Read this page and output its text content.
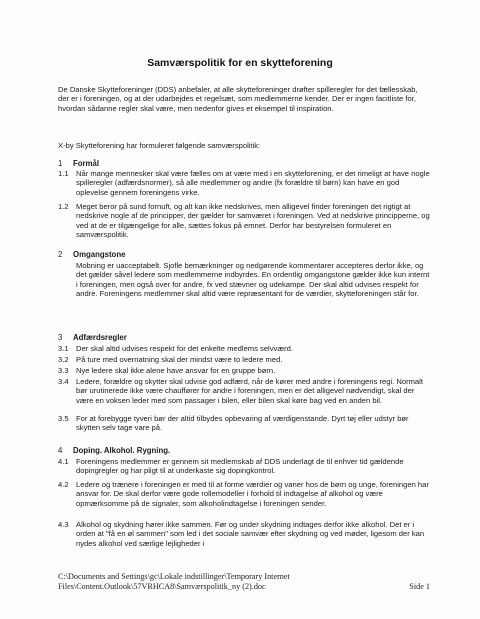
Samværspolitik for en skytteforening
De Danske Skytteforeninger (DDS) anbefaler, at alle skytteforeninger drøfter spilleregler for det fællesskab, der er i foreningen, og at der udarbejdes et regelsæt, som medlemmerne kender. Der er ingen facitliste for, hvordan sådanne regler skal være, men nedenfor gives et eksempel til inspiration.
X-by Skytteforening har formuleret følgende samværspolitik:
1 Formål
1.1 Når mange mennesker skal være fælles om at være med i en skytteforening, er det rimeligt at have nogle spilleregler (adfærdsnormer), så alle medlemmer og andre (fx forældre til børn) kan have en god oplevelse gennem foreningens virke.
1.2 Meget beror på sund fornuft, og alt kan ikke nedskrives, men alligevel finder foreningen det rigtigt at nedskrive nogle af de principper, der gælder for samværet i foreningen. Ved at nedskrive principperne, og ved at de er tilgængelige for alle, sættes fokus på emnet. Derfor har bestyrelsen formuleret en samværspolitik.
2 Omgangstone
Mobning er uacceptabelt. Sjofle bemærkninger og nedgørende kommentarer accepteres derfor ikke, og det gælder såvel ledere som medlemmerne indbyrdes. En ordentlig omgangstone gælder ikke kun internt i foreningen, men også over for andre, fx ved stævner og udekampe. Der skal altid udvises respekt for andre. Foreningens medlemmer skal altid være repræsentant for de værdier, skytteforeningen står for.
3 Adfærdsregler
3.1 Der skal altid udvises respekt for det enkelte medlems selvværd.
3.2 På ture med overnatning skal der mindst være to ledere med.
3.3 Nye ledere skal ikke alene have ansvar for en gruppe børn.
3.4 Ledere, forældre og skytter skal udvise god adfærd, når de kører med andre i foreningens regi. Normalt bør urutinerede ikke være chauffører for andre i foreningen, men er det alligevel nødvendigt, skal der være en voksen leder med som passager i bilen, eller bilen skal køre bag ved en anden bil.
3.5 For at forebygge tyveri bør der altid tilbydes opbevaring af værdigenstande. Dyrt tøj eller udstyr bør skytten selv tage vare på.
4 Doping. Alkohol. Rygning.
4.1 Foreningens medlemmer er gennem sit medlemskab af DDS underlagt de til enhver tid gældende dopingregler og har pligt til at underkaste sig dopingkontrol.
4.2 Ledere og trænere i foreningen er med til at forme værdier og vaner hos de børn og unge, foreningen har ansvar for. De skal derfor være gode rollemodeller i forhold til indtagelse af alkohol og være opmærksomme på de signaler, som alkoholindtagelse i foreningen sender.
4.3 Alkohol og skydning hører ikke sammen. Før og under skydning indtages derfor ikke alkohol. Det er i orden at "få en øl sammen" som led i det sociale samvær efter skydning og ved møder, ligesom der kan nydes alkohol ved særlige lejligheder i
C:\Documents and Settings\gc\Lokale indstillinger\Temporary Internet
Files\Content.Outlook\57VRHCA8\Samværspolitik_ny (2).doc	Side 1
